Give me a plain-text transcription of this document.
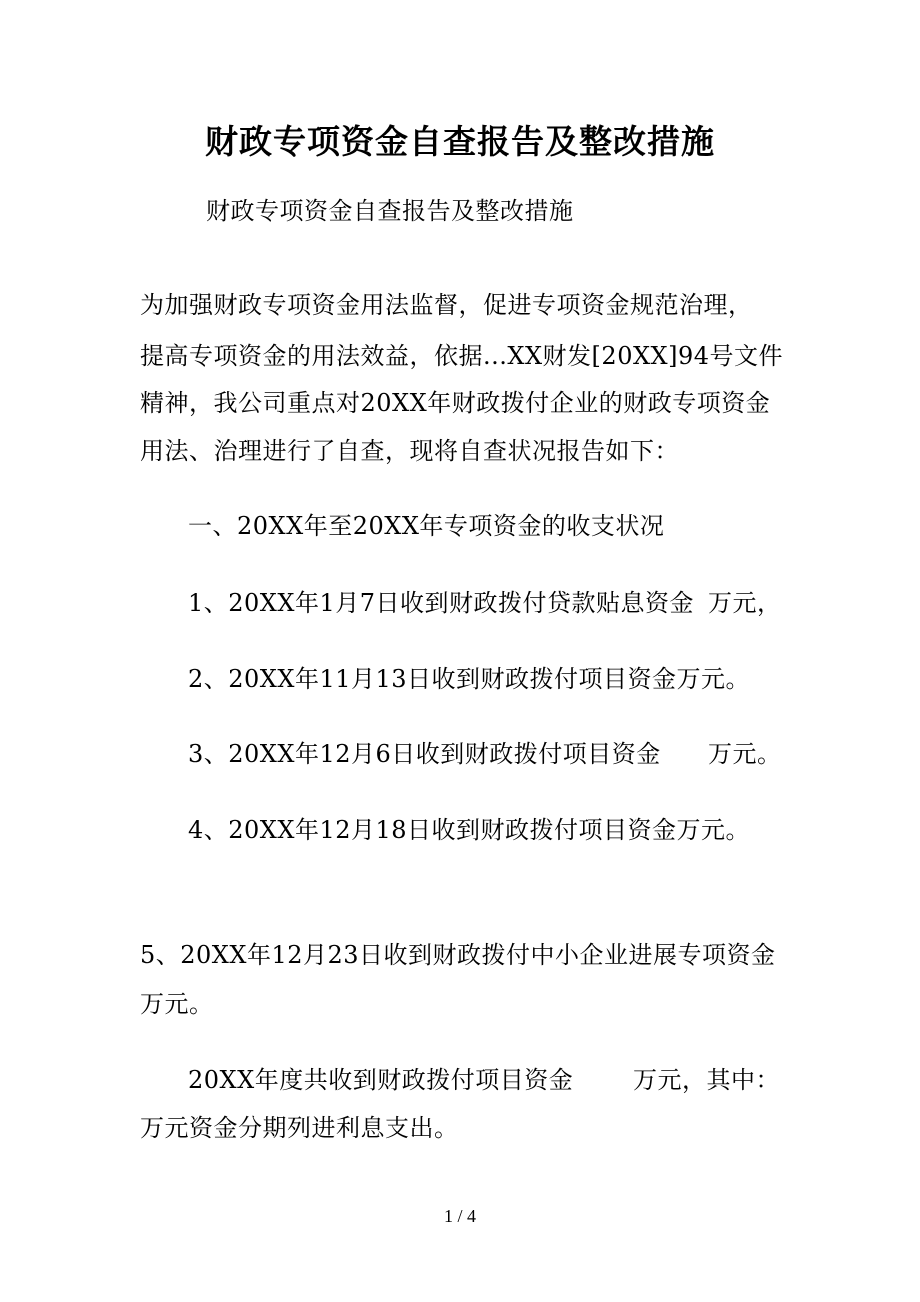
财政专项资金自查报告及整改措施
财政专项资金自查报告及整改措施
为加强财政专项资金用法监督，促进专项资金规范治理，
提高专项资金的用法效益，依据...XX财发[20XX]94号文件
精神，我公司重点对20XX年财政拨付企业的财政专项资金
用法、治理进行了自查，现将自查状况报告如下：
一、20XX年至20XX年专项资金的收支状况
1、20XX年1月7日收到财政拨付贷款贴息资金 万元，
2、20XX年11月13日收到财政拨付项目资金万元。
3、20XX年12月6日收到财政拨付项目资金 万元。
4、20XX年12月18日收到财政拨付项目资金万元。
5、20XX年12月23日收到财政拨付中小企业进展专项资金
万元。
20XX年度共收到财政拨付项目资金 万元，其中：
万元资金分期列进利息支出。
1 / 4
